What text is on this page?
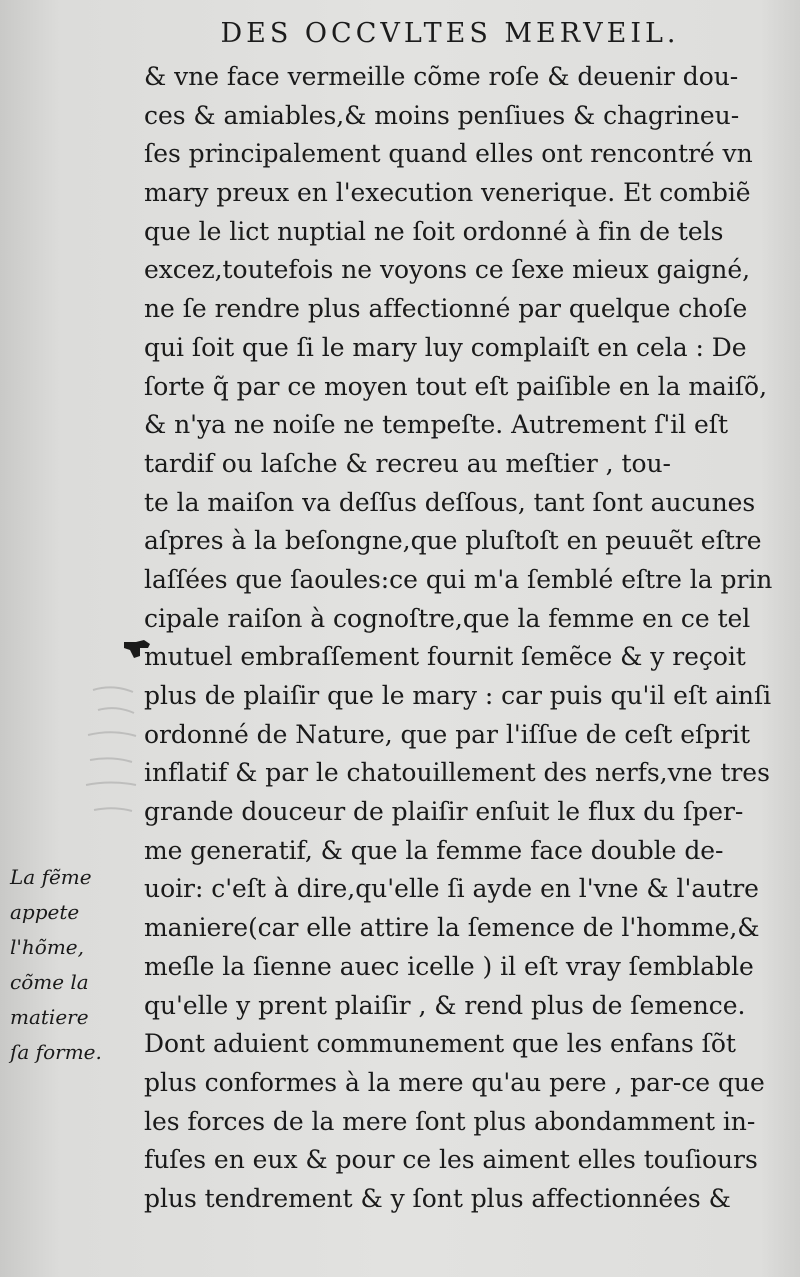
DES OCCVLTES MERVEIL.
& vne face vermeille cõme roſe & deuenir dou-
ces & amiables,& moins penſiues & chagrineu-
ſes principalement quand elles ont rencontré vn
mary preux en l'execution venerique. Et combiẽ
que le lict nuptial ne ſoit ordonné à fin de tels
excez,toutefois ne voyons ce ſexe mieux gaigné,
ne ſe rendre plus affectionné par quelque choſe
qui ſoit que ſi le mary luy complaiſt en cela : De
ſorte q̃ par ce moyen tout eſt paiſible en la maiſõ,
& n'ya ne noiſe ne tempeſte. Autrement ſ'il eſt
tardif ou laſche & recreu au meſtier , tou-
te la maiſon va deſſus deſſous, tant ſont aucunes
aſpres à la beſongne,que pluſtoſt en peuuẽt eſtre
laſſées que ſaoules:ce qui m'a ſemblé eſtre la prin
cipale raiſon à cognoſtre,que la femme en ce tel
mutuel embraſſement fournit ſemẽce & y reçoit
plus de plaiſir que le mary : car puis qu'il eſt ainſi
ordonné de Nature, que par l'iſſue de ceſt eſprit
inflatif & par le chatouillement des nerfs,vne tres
grande douceur de plaiſir enſuit le flux du ſper-
me generatif, & que la femme face double de-
uoir: c'eſt à dire,qu'elle ſi ayde en l'vne & l'autre
maniere(car elle attire la ſemence de l'homme,&
meſle la ſienne auec icelle ) il eſt vray ſemblable
qu'elle y prent plaiſir , & rend plus de ſemence.
Dont aduient communement que les enfans ſõt
plus conformes à la mere qu'au pere , par-ce que
les forces de la mere ſont plus abondamment in-
fuſes en eux & pour ce les aiment elles touſiours
plus tendrement & y ſont plus affectionnées &
La fẽme
appete
l'hõme,
cõme la
matiere
ſa forme.
